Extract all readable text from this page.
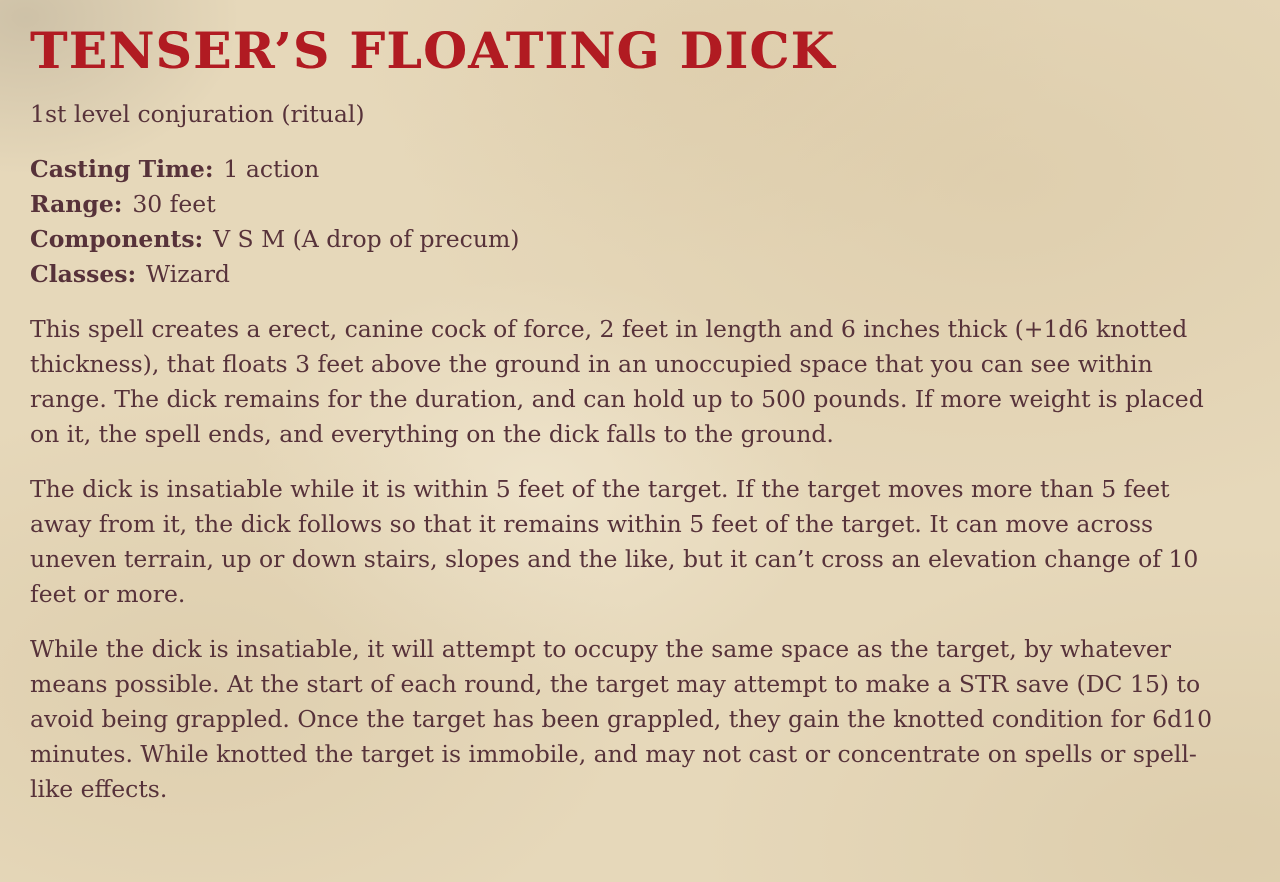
TENSER’S FLOATING DICK

1st level conjuration (ritual)

Casting Time: 1 action
Range: 30 feet
Components: V S M (A drop of precum)
Classes: Wizard

This spell creates a erect, canine cock of force, 2 feet in length and 6 inches thick (+1d6 knotted thickness), that floats 3 feet above the ground in an unoccupied space that you can see within range. The dick remains for the duration, and can hold up to 500 pounds. If more weight is placed on it, the spell ends, and everything on the dick falls to the ground.

The dick is insatiable while it is within 5 feet of the target. If the target moves more than 5 feet away from it, the dick follows so that it remains within 5 feet of the target. It can move across uneven terrain, up or down stairs, slopes and the like, but it can’t cross an elevation change of 10 feet or more.

While the dick is insatiable, it will attempt to occupy the same space as the target, by whatever means possible. At the start of each round, the target may attempt to make a STR save (DC 15) to avoid being grappled. Once the target has been grappled, they gain the knotted condition for 6d10 minutes. While knotted the target is immobile, and may not cast or concentrate on spells or spell-like effects.
